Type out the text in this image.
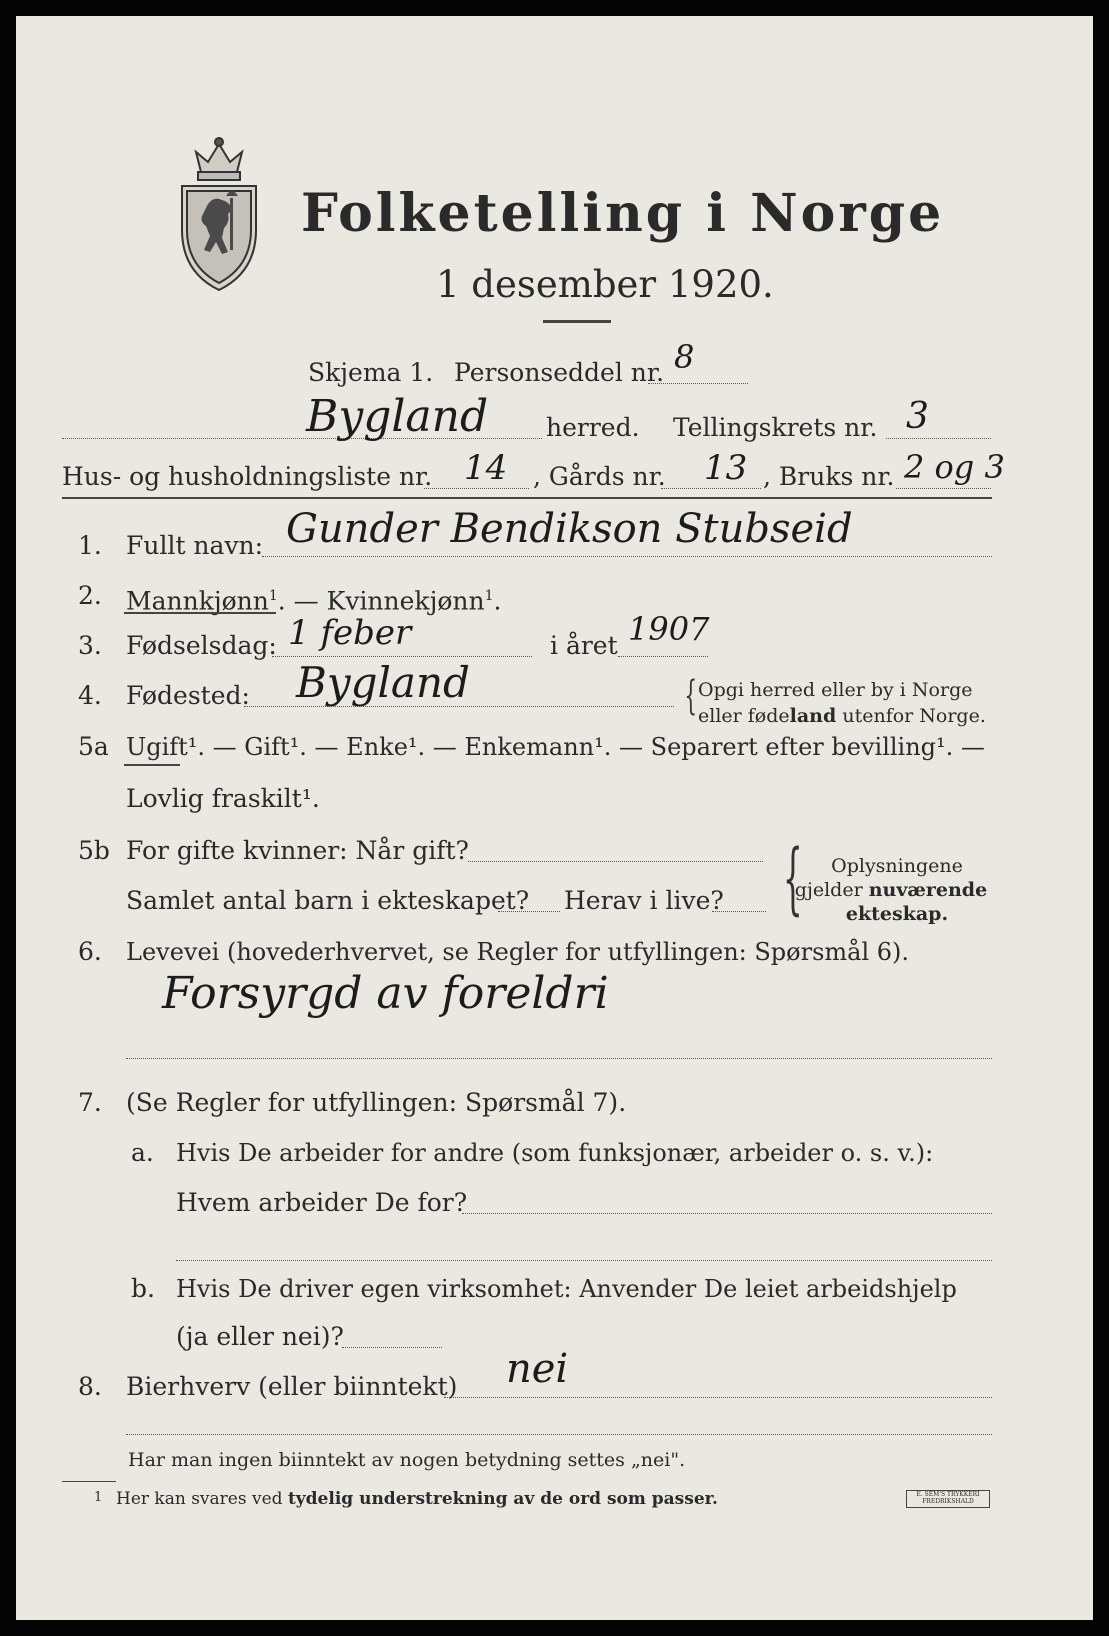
Folketelling i Norge
1 desember 1920.
Skjema 1. Personseddel nr. 8
Bygland herred. Tellingskrets nr. 3
Hus- og husholdningsliste nr. 14 , Gårds nr. 13 , Bruks nr. 2 og 3
1. Fullt navn: Gunder Bendikson Stubseid
2. Mannkjønn$^1$. — Kvinnekjønn$^1$.
3. Fødselsdag: 1 feber	i året 1907
4. Fødested: Bygland	{ Opgi herred eller by i Norge
eller fødeland utenfor Norge.
5a Ugift¹. — Gift¹. — Enke¹. — Enkemann¹. — Separert efter bevilling¹. —
Lovlig fraskilt¹.
5b For gifte kvinner: Når gift?
Samlet antal barn i ekteskapet? Herav i live? {	Oplysningene
gjelder nuværende
ekteskap.
6. Levevei (hovederhvervet, se Regler for utfyllingen: Spørsmål 6).
Forsyrgd av foreldri
7. (Se Regler for utfyllingen: Spørsmål 7).
a. Hvis De arbeider for andre (som funksjonær, arbeider o. s. v.):
Hvem arbeider De for?
b. Hvis De driver egen virksomhet: Anvender De leiet arbeidshjelp
(ja eller nei)?
8. Bierhverv (eller biinntekt) nei
Har man ingen biinntekt av nogen betydning settes „nei".
1 Her kan svares ved tydelig understrekning av de ord som passer.	E. SEM'S TRYKKERI FREDRIKSHALD
